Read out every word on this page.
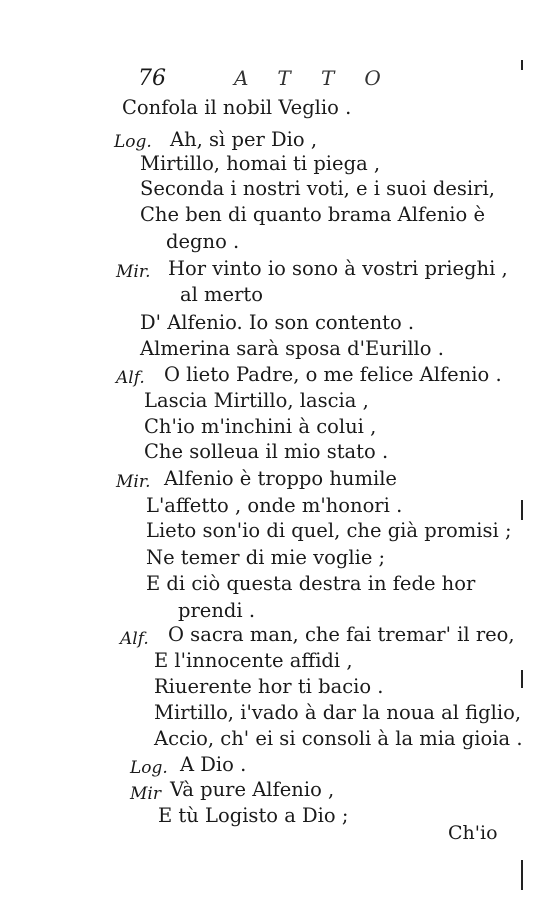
76	ATTO
Confola il nobil Veglio .
Log. Ah, sì per Dio ,
Mirtillo, homai ti piega ,
Seconda i nostri voti, e i suoi desiri,
Che ben di quanto brama Alfenio è
degno .
Mir. Hor vinto io sono à vostri prieghi ,
al merto
D' Alfenio. Io son contento .
Almerina sarà sposa d'Eurillo .
Alf. O lieto Padre, o me felice Alfenio .
Lascia Mirtillo, lascia ,
Ch'io m'inchini à colui ,
Che solleua il mio stato .
Mir. Alfenio è troppo humile
L'affetto , onde m'honori .
Lieto son'io di quel, che già promisi ;
Ne temer di mie voglie ;
E di ciò questa destra in fede hor
prendi .
Alf. O sacra man, che fai tremar' il reo,
E l'innocente affidi ,
Riuerente hor ti bacio .
Mirtillo, i'vado à dar la noua al figlio,
Accio, ch' ei si consoli à la mia gioia .
Log. A Dio .
Mir Và pure Alfenio ,
E tù Logisto a Dio ;
Ch'io
